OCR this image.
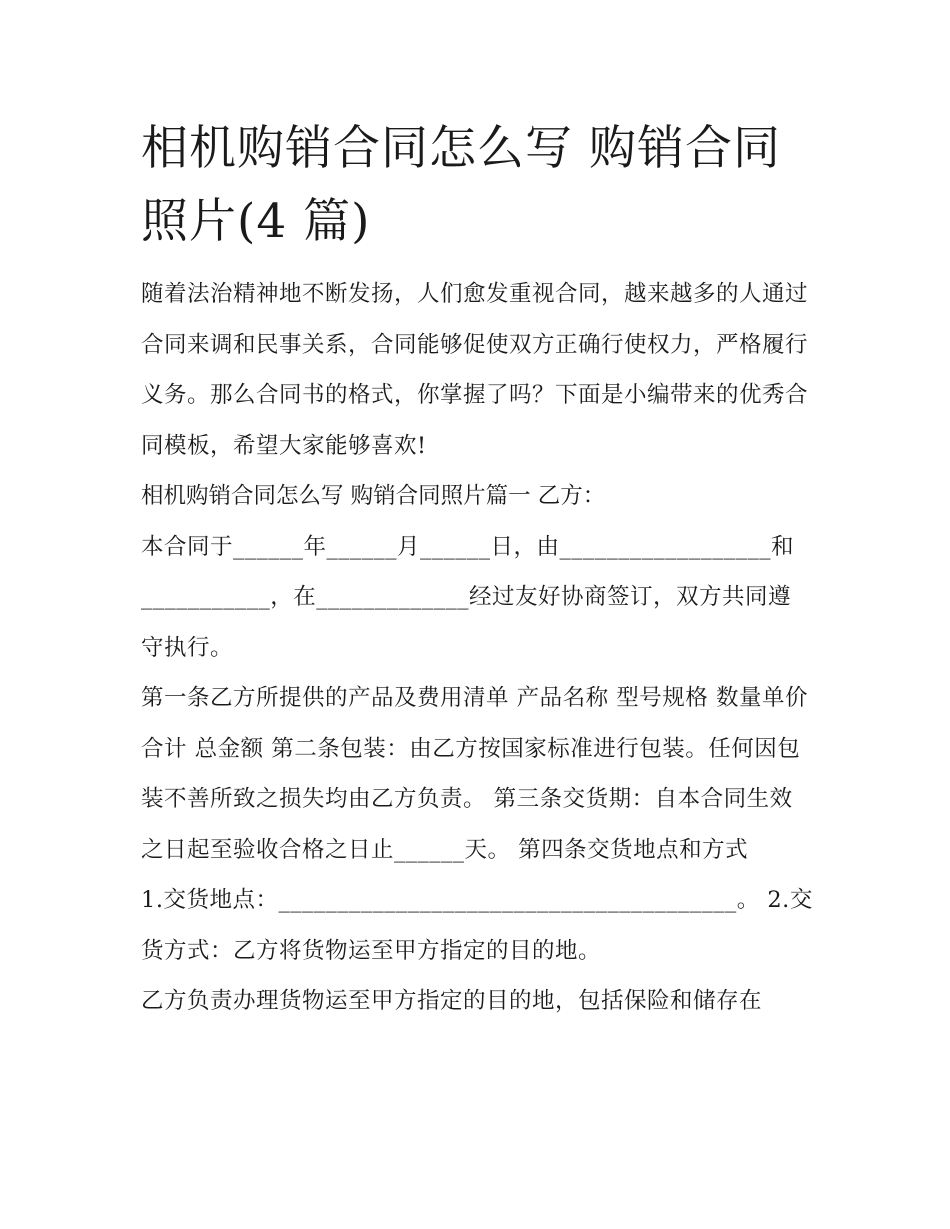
相机购销合同怎么写 购销合同照片(4 篇)

随着法治精神地不断发扬，人们愈发重视合同，越来越多的人通过合同来调和民事关系，合同能够促使双方正确行使权力，严格履行义务。那么合同书的格式，你掌握了吗？下面是小编带来的优秀合同模板，希望大家能够喜欢!

相机购销合同怎么写 购销合同照片篇一 乙方：

本合同于______年______月______日，由__________________和___________，在_____________经过友好协商签订，双方共同遵守执行。

第一条乙方所提供的产品及费用清单 产品名称 型号规格 数量单价 合计 总金额 第二条包装：由乙方按国家标准进行包装。任何因包装不善所致之损失均由乙方负责。 第三条交货期：自本合同生效之日起至验收合格之日止______天。 第四条交货地点和方式

1.交货地点：_______________________________________。 2.交货方式：乙方将货物运至甲方指定的目的地。

乙方负责办理货物运至甲方指定的目的地，包括保险和储存在
